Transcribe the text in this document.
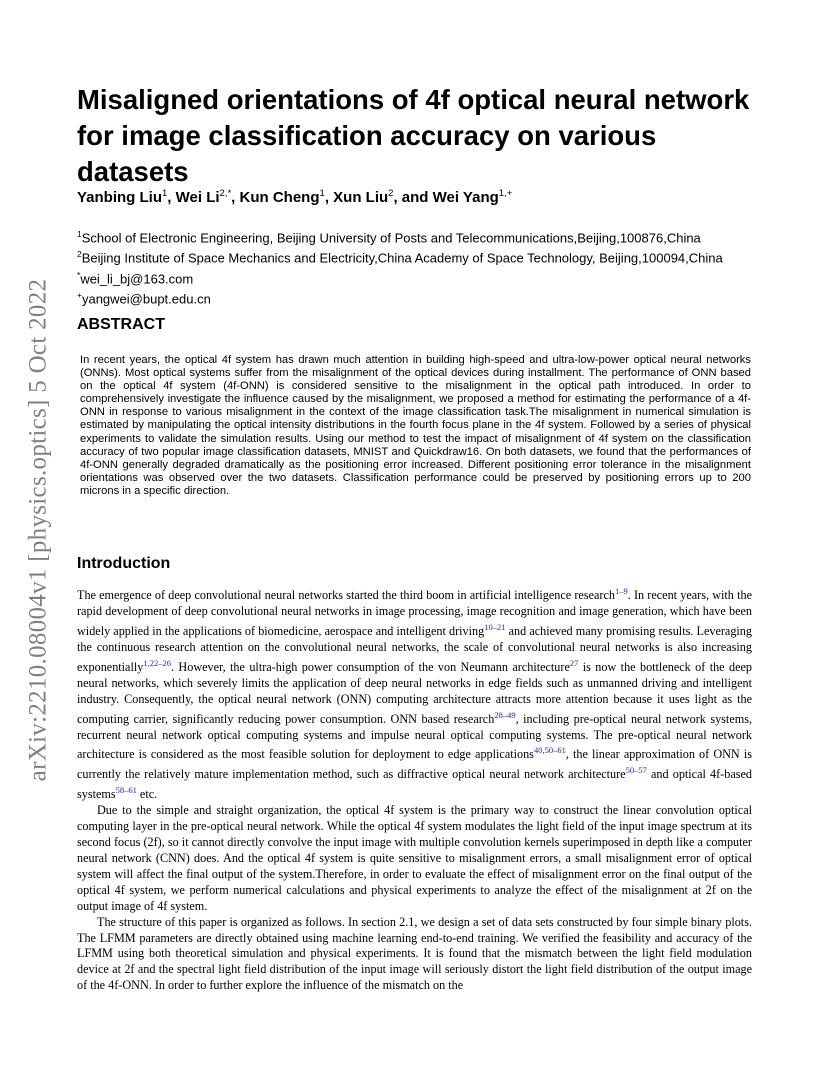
arXiv:2210.08004v1 [physics.optics] 5 Oct 2022
Misaligned orientations of 4f optical neural network for image classification accuracy on various datasets
Yanbing Liu$^1$, Wei $Li^{2,*}$, Kun Cheng$^1$, Xun Liu$^2$, and Wei Yang$^{1,+}$
$^1$School of Electronic Engineering, Beijing University of Posts and Telecommunications,Beijing,100876,China
$^2$Beijing Institute of Space Mechanics and Electricity,China Academy of Space Technology, Beijing,100094,China
*wei_li_bj@163.com
+yangwei@bupt.edu.cn
ABSTRACT
In recent years, the optical 4f system has drawn much attention in building high-speed and ultra-low-power optical neural networks (ONNs). Most optical systems suffer from the misalignment of the optical devices during installment. The performance of ONN based on the optical 4f system (4f-ONN) is considered sensitive to the misalignment in the optical path introduced. In order to comprehensively investigate the influence caused by the misalignment, we proposed a method for estimating the performance of a 4f-ONN in response to various misalignment in the context of the image classification task.The misalignment in numerical simulation is estimated by manipulating the optical intensity distributions in the fourth focus plane in the 4f system. Followed by a series of physical experiments to validate the simulation results. Using our method to test the impact of misalignment of 4f system on the classification accuracy of two popular image classification datasets, MNIST and Quickdraw16. On both datasets, we found that the performances of 4f-ONN generally degraded dramatically as the positioning error increased. Different positioning error tolerance in the misalignment orientations was observed over the two datasets. Classification performance could be preserved by positioning errors up to 200 microns in a specific direction.
Introduction

The emergence of deep convolutional neural networks started the third boom in artificial intelligence research$^{1-9}$. In recent years, with the rapid development of deep convolutional neural networks in image processing, image recognition and image generation, which have been widely applied in the applications of biomedicine, aerospace and intelligent driving$^{10-21}$ and achieved many promising results. Leveraging the continuous research attention on the convolutional neural networks, the scale of convolutional neural networks is also increasing exponentially$^{1,22-26}$. However, the ultra-high power consumption of the von Neumann architecture$^{27}$ is now the bottleneck of the deep neural networks, which severely limits the application of deep neural networks in edge fields such as unmanned driving and intelligent industry. Consequently, the optical neural network (ONN) computing architecture attracts more attention because it uses light as the computing carrier, significantly reducing power consumption. ONN based research$^{28-49}$, including pre-optical neural network systems, recurrent neural network optical computing systems and impulse neural optical computing systems. The pre-optical neural network architecture is considered as the most feasible solution for deployment to edge applications$^{40,50-61}$, the linear approximation of ONN is currently the relatively mature implementation method, such as diffractive optical neural network architecture$^{50-57}$ and optical 4f-based systems$^{58-61}$ etc.

Due to the simple and straight organization, the optical 4f system is the primary way to construct the linear convolution optical computing layer in the pre-optical neural network. While the optical 4f system modulates the light field of the input image spectrum at its second focus (2f), so it cannot directly convolve the input image with multiple convolution kernels superimposed in depth like a computer neural network (CNN) does. And the optical 4f system is quite sensitive to misalignment errors, a small misalignment error of optical system will affect the final output of the system.Therefore, in order to evaluate the effect of misalignment error on the final output of the optical 4f system, we perform numerical calculations and physical experiments to analyze the effect of the misalignment at 2f on the output image of 4f system.

The structure of this paper is organized as follows. In section 2.1, we design a set of data sets constructed by four simple binary plots. The LFMM parameters are directly obtained using machine learning end-to-end training. We verified the feasibility and accuracy of the LFMM using both theoretical simulation and physical experiments. It is found that the mismatch between the light field modulation device at 2f and the spectral light field distribution of the input image will seriously distort the light field distribution of the output image of the 4f-ONN. In order to further explore the influence of the mismatch on the
